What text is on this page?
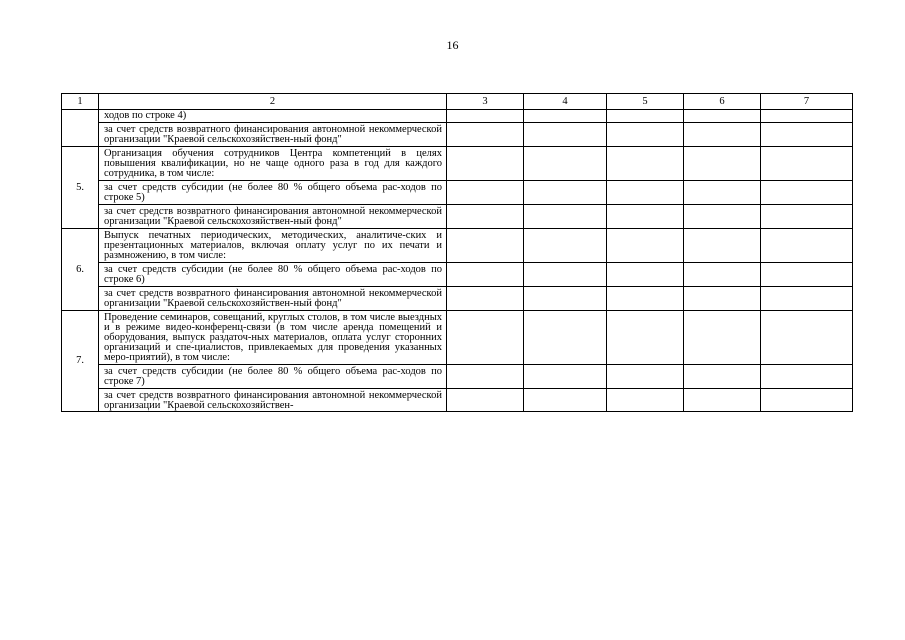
16
1	2	3	4	5	6	7
	ходов по строке 4)					
	за счет средств возвратного финансирования автономной некоммерческой организации "Краевой сельскохозяйствен-ный фонд"					
5.	Организация обучения сотрудников Центра компетенций в целях повышения квалификации, но не чаще одного раза в год для каждого сотрудника, в том числе:					
	за счет средств субсидии (не более 80 % общего объема рас-ходов по строке 5)					
	за счет средств возвратного финансирования автономной некоммерческой организации "Краевой сельскохозяйствен-ный фонд"					
6.	Выпуск печатных периодических, методических, аналитиче-ских и презентационных материалов, включая оплату услуг по их печати и размножению, в том числе:					
	за счет средств субсидии (не более 80 % общего объема рас-ходов по строке 6)					
	за счет средств возвратного финансирования автономной некоммерческой организации "Краевой сельскохозяйствен-ный фонд"					
7.	Проведение семинаров, совещаний, круглых столов, в том числе выездных и в режиме видео-конференц-связи (в том числе аренда помещений и оборудования, выпуск раздаточ-ных материалов, оплата услуг сторонних организаций и спе-циалистов, привлекаемых для проведения указанных меро-приятий), в том числе:					
	за счет средств субсидии (не более 80 % общего объема рас-ходов по строке 7)					
	за счет средств возвратного финансирования автономной некоммерческой организации "Краевой сельскохозяйствен-					
